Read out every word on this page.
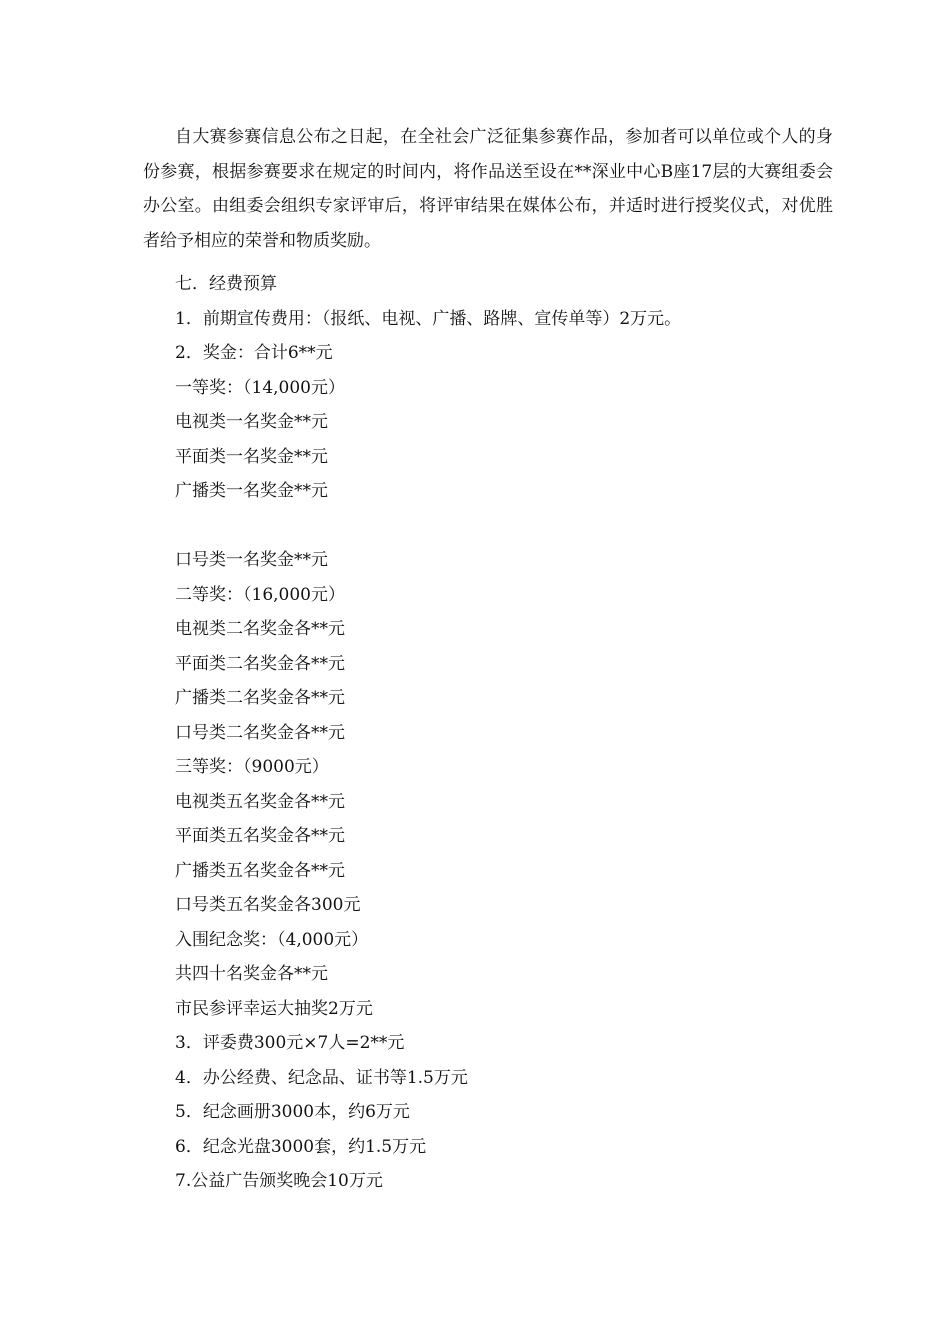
自大赛参赛信息公布之日起，在全社会广泛征集参赛作品，参加者可以单位或个人的身份参赛，根据参赛要求在规定的时间内，将作品送至设在**深业中心B座17层的大赛组委会办公室。由组委会组织专家评审后，将评审结果在媒体公布，并适时进行授奖仪式，对优胜者给予相应的荣誉和物质奖励。

七．经费预算

1．前期宣传费用：（报纸、电视、广播、路牌、宣传单等）2万元。

2．奖金：合计6**元

一等奖：（14,000元）

电视类一名奖金**元

平面类一名奖金**元

广播类一名奖金**元

口号类一名奖金**元

二等奖：（16,000元）

电视类二名奖金各**元

平面类二名奖金各**元

广播类二名奖金各**元

口号类二名奖金各**元

三等奖：（9000元）

电视类五名奖金各**元

平面类五名奖金各**元

广播类五名奖金各**元

口号类五名奖金各300元

入围纪念奖：（4,000元）

共四十名奖金各**元

市民参评幸运大抽奖2万元

3．评委费300元×7人=2**元

4．办公经费、纪念品、证书等1.5万元

5．纪念画册3000本，约6万元

6．纪念光盘3000套，约1.5万元

7.公益广告颁奖晚会10万元
